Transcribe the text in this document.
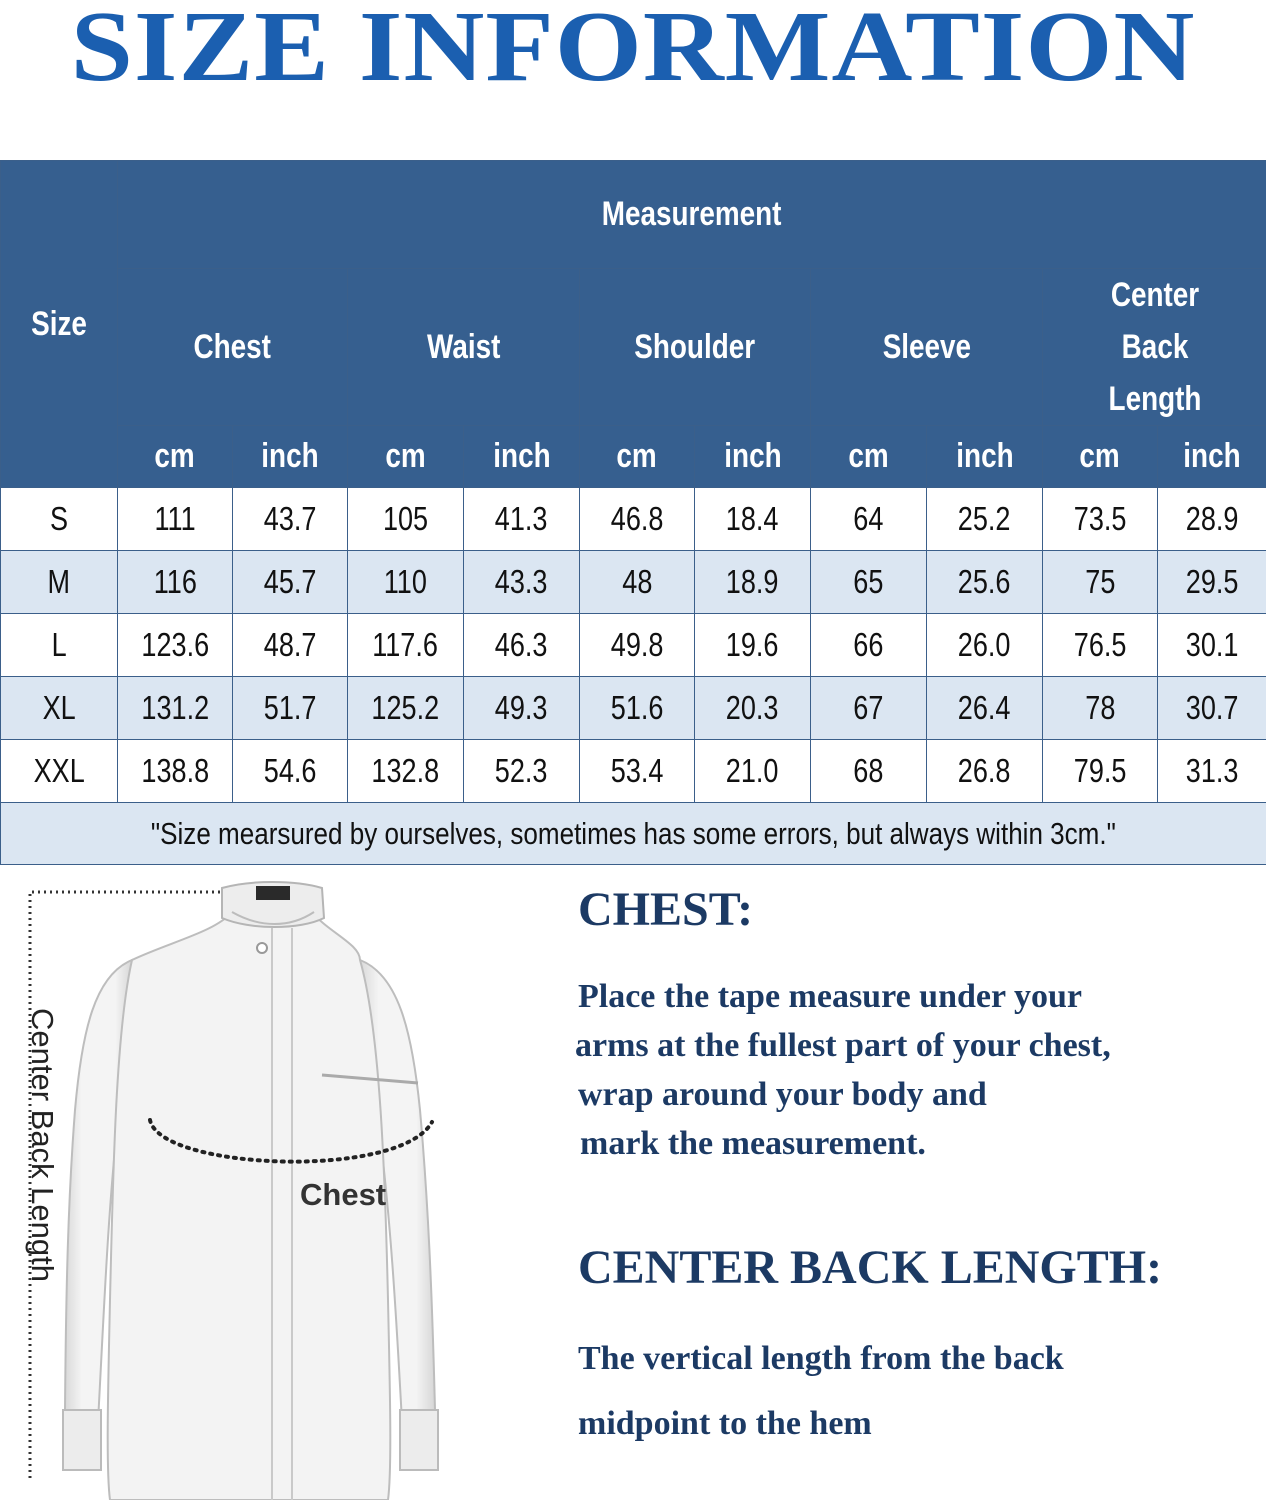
SIZE INFORMATION
Size	Measurement									
	Chest		Waist		Shoulder		Sleeve		Center Back Length	
	cm	inch	cm	inch	cm	inch	cm	inch	cm	inch
S	111	43.7	105	41.3	46.8	18.4	64	25.2	73.5	28.9
M	116	45.7	110	43.3	48	18.9	65	25.6	75	29.5
L	123.6	48.7	117.6	46.3	49.8	19.6	66	26.0	76.5	30.1
XL	131.2	51.7	125.2	49.3	51.6	20.3	67	26.4	78	30.7
XXL	138.8	54.6	132.8	52.3	53.4	21.0	68	26.8	79.5	31.3
"Size mearsured by ourselves, sometimes has some errors, but always within 3cm."										
Center Back Length	Chest
CHEST:
Place the tape measure under your
arms at the fullest part of your chest,
wrap around your body and
mark the measurement.
CENTER BACK LENGTH:
The vertical length from the back
midpoint to the hem
